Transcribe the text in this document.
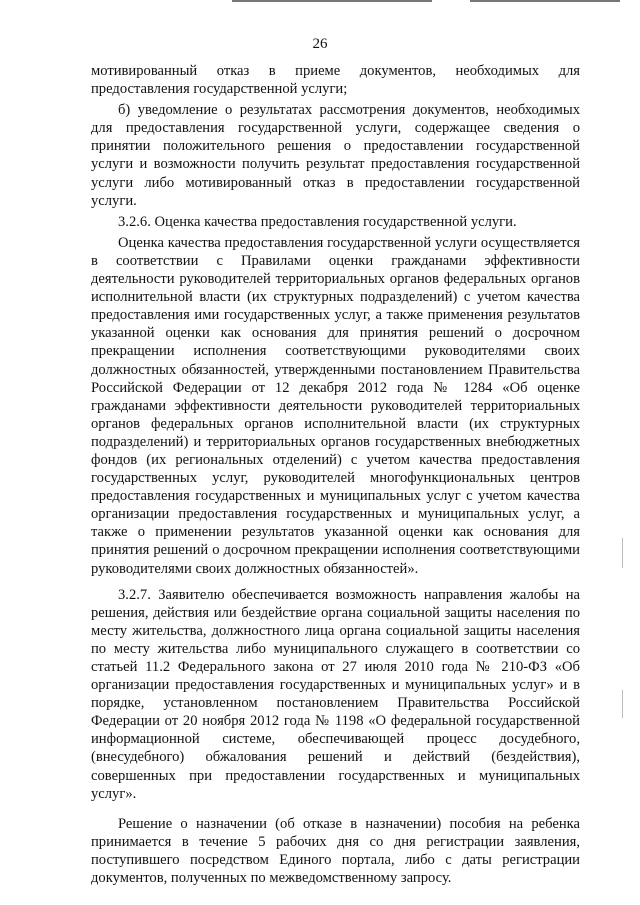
26

мотивированный отказ в приеме документов, необходимых для предоставления государственной услуги;

б) уведомление о результатах рассмотрения документов, необходимых для предоставления государственной услуги, содержащее сведения о принятии положительного решения о предоставлении государственной услуги и возможности получить результат предоставления государственной услуги либо мотивированный отказ в предоставлении государственной услуги.

3.2.6. Оценка качества предоставления государственной услуги.

Оценка качества предоставления государственной услуги осуществляется в соответствии с Правилами оценки гражданами эффективности деятельности руководителей территориальных органов федеральных органов исполнительной власти (их структурных подразделений) с учетом качества предоставления ими государственных услуг, а также применения результатов указанной оценки как основания для принятия решений о досрочном прекращении исполнения соответствующими руководителями своих должностных обязанностей, утвержденными постановлением Правительства Российской Федерации от 12 декабря 2012 года № 1284 «Об оценке гражданами эффективности деятельности руководителей территориальных органов федеральных органов исполнительной власти (их структурных подразделений) и территориальных органов государственных внебюджетных фондов (их региональных отделений) с учетом качества предоставления государственных услуг, руководителей многофункциональных центров предоставления государственных и муниципальных услуг с учетом качества организации предоставления государственных и муниципальных услуг, а также о применении результатов указанной оценки как основания для принятия решений о досрочном прекращении исполнения соответствующими руководителями своих должностных обязанностей».

3.2.7. Заявителю обеспечивается возможность направления жалобы на решения, действия или бездействие органа социальной защиты населения по месту жительства, должностного лица органа социальной защиты населения по месту жительства либо муниципального служащего в соответствии со статьей 11.2 Федерального закона от 27 июля 2010 года № 210-ФЗ «Об организации предоставления государственных и муниципальных услуг» и в порядке, установленном постановлением Правительства Российской Федерации от 20 ноября 2012 года № 1198 «О федеральной государственной информационной системе, обеспечивающей процесс досудебного, (внесудебного) обжалования решений и действий (бездействия), совершенных при предоставлении государственных и муниципальных услуг».

Решение о назначении (об отказе в назначении) пособия на ребенка принимается в течение 5 рабочих дня со дня регистрации заявления, поступившего посредством Единого портала, либо с даты регистрации документов, полученных по межведомственному запросу.
